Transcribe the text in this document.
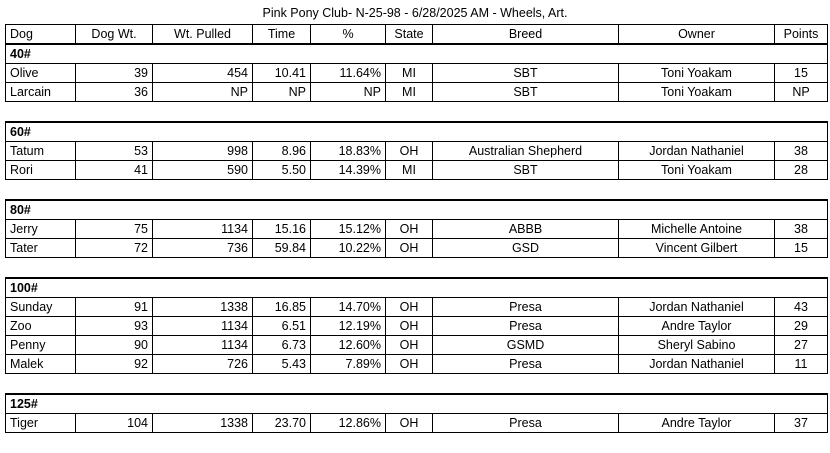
Pink Pony Club- N-25-98 - 6/28/2025 AM - Wheels, Art.
Dog	Dog Wt.	Wt. Pulled	Time	%	State	Breed	Owner	Points
40#								
Olive	39	454	10.41	11.64%	MI	SBT	Toni Yoakam	15
Larcain	36	NP	NP	NP	MI	SBT	Toni Yoakam	NP

60#								
Tatum	53	998	8.96	18.83%	OH	Australian Shepherd	Jordan Nathaniel	38
Rori	41	590	5.50	14.39%	MI	SBT	Toni Yoakam	28

80#								
Jerry	75	1134	15.16	15.12%	OH	ABBB	Michelle Antoine	38
Tater	72	736	59.84	10.22%	OH	GSD	Vincent Gilbert	15

100#								
Sunday	91	1338	16.85	14.70%	OH	Presa	Jordan Nathaniel	43
Zoo	93	1134	6.51	12.19%	OH	Presa	Andre Taylor	29
Penny	90	1134	6.73	12.60%	OH	GSMD	Sheryl Sabino	27
Malek	92	726	5.43	7.89%	OH	Presa	Jordan Nathaniel	11

125#								
Tiger	104	1338	23.70	12.86%	OH	Presa	Andre Taylor	37
